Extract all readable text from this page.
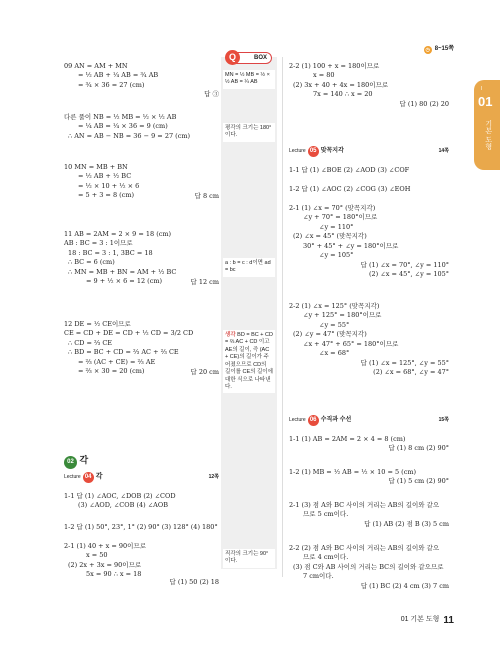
◷ 8~15쪽
I
01
기본 도형
Q	BOX
MN = ½ MB = ½ × ½ AB = ¼ AB
평각의 크기는 180°이다.
a : b = c : d이면 ad = bc
생각 BD = BC + CD = ⅔ AC + CD 이고 AE의 길이, 즉 (AC + CE)의 길이가 주어졌으므로 CD의 길이를 CE의 길이에 대한 식으로 나타낸다.
직각의 크기는 90°이다.
09 AN = AM + MN
= ½ AB + ¼ AB = ¾ AB
= ¾ × 36 = 27 (cm)
답 ③
다른 풀이 NB = ½ MB = ½ × ½ AB
= ¼ AB = ¼ × 36 = 9 (cm)
∴ AN = AB − NB = 36 − 9 = 27 (cm)
10 MN = MB + BN
= ½ AB + ½ BC
= ½ × 10 + ½ × 6
= 5 + 3 = 8 (cm)	답 8 cm
11 AB = 2AM = 2 × 9 = 18 (cm)
AB : BC = 3 : 1이므로
18 : BC = 3 : 1, 3BC = 18
∴ BC = 6 (cm)
∴ MN = MB + BN = AM + ½ BC
= 9 + ½ × 6 = 12 (cm)	답 12 cm
12 DE = ½ CE이므로
CE = CD + DE = CD + ½ CD = 3/2 CD
∴ CD = ⅔ CE
∴ BD = BC + CD = ⅔ AC + ⅔ CE
= ⅔ (AC + CE) = ⅔ AE
= ⅔ × 30 = 20 (cm)	답 20 cm
02 각
Lecture 04 각	12쪽
1-1 답 (1) ∠AOC, ∠DOB (2) ∠COD
(3) ∠AOD, ∠COB (4) ∠AOB
1-2 답 (1) 50°, 23°, 1° (2) 90° (3) 128° (4) 180°
2-1 (1) 40 + x = 90이므로
x = 50
(2) 2x + 3x = 90이므로
5x = 90 ∴ x = 18
답 (1) 50 (2) 18
2-2 (1) 100 + x = 180이므로
x = 80
(2) 3x + 40 + 4x = 180이므로
7x = 140 ∴ x = 20
답 (1) 80 (2) 20
Lecture 05 맞꼭지각	14쪽
1-1 답 (1) ∠BOE (2) ∠AOD (3) ∠COF
1-2 답 (1) ∠AOC (2) ∠COG (3) ∠EOH
2-1 (1) ∠x = 70° (맞꼭지각)
∠y + 70° = 180°이므로
∠y = 110°
(2) ∠x = 45° (맞꼭지각)
30° + 45° + ∠y = 180°이므로
∠y = 105°
답 (1) ∠x = 70°, ∠y = 110°
(2) ∠x = 45°, ∠y = 105°
2-2 (1) ∠x = 125° (맞꼭지각)
∠y + 125° = 180°이므로
∠y = 55°
(2) ∠y = 47° (맞꼭지각)
∠x + 47° + 65° = 180°이므로
∠x = 68°
답 (1) ∠x = 125°, ∠y = 55°
(2) ∠x = 68°, ∠y = 47°
Lecture 06 수직과 수선	15쪽
1-1 (1) AB = 2AM = 2 × 4 = 8 (cm)
답 (1) 8 cm (2) 90°
1-2 (1) MB = ½ AB = ½ × 10 = 5 (cm)
답 (1) 5 cm (2) 90°
2-1 (3) 점 A와 BC 사이의 거리는 AB의 길이와 같으
므로 5 cm이다.
답 (1) AB (2) 점 B (3) 5 cm
2-2 (2) 점 A와 BC 사이의 거리는 AB의 길이와 같으
므로 4 cm이다.
(3) 점 C와 AB 사이의 거리는 BC의 길이와 같으므로
7 cm이다.
답 (1) BC (2) 4 cm (3) 7 cm
01 기본 도형 11
